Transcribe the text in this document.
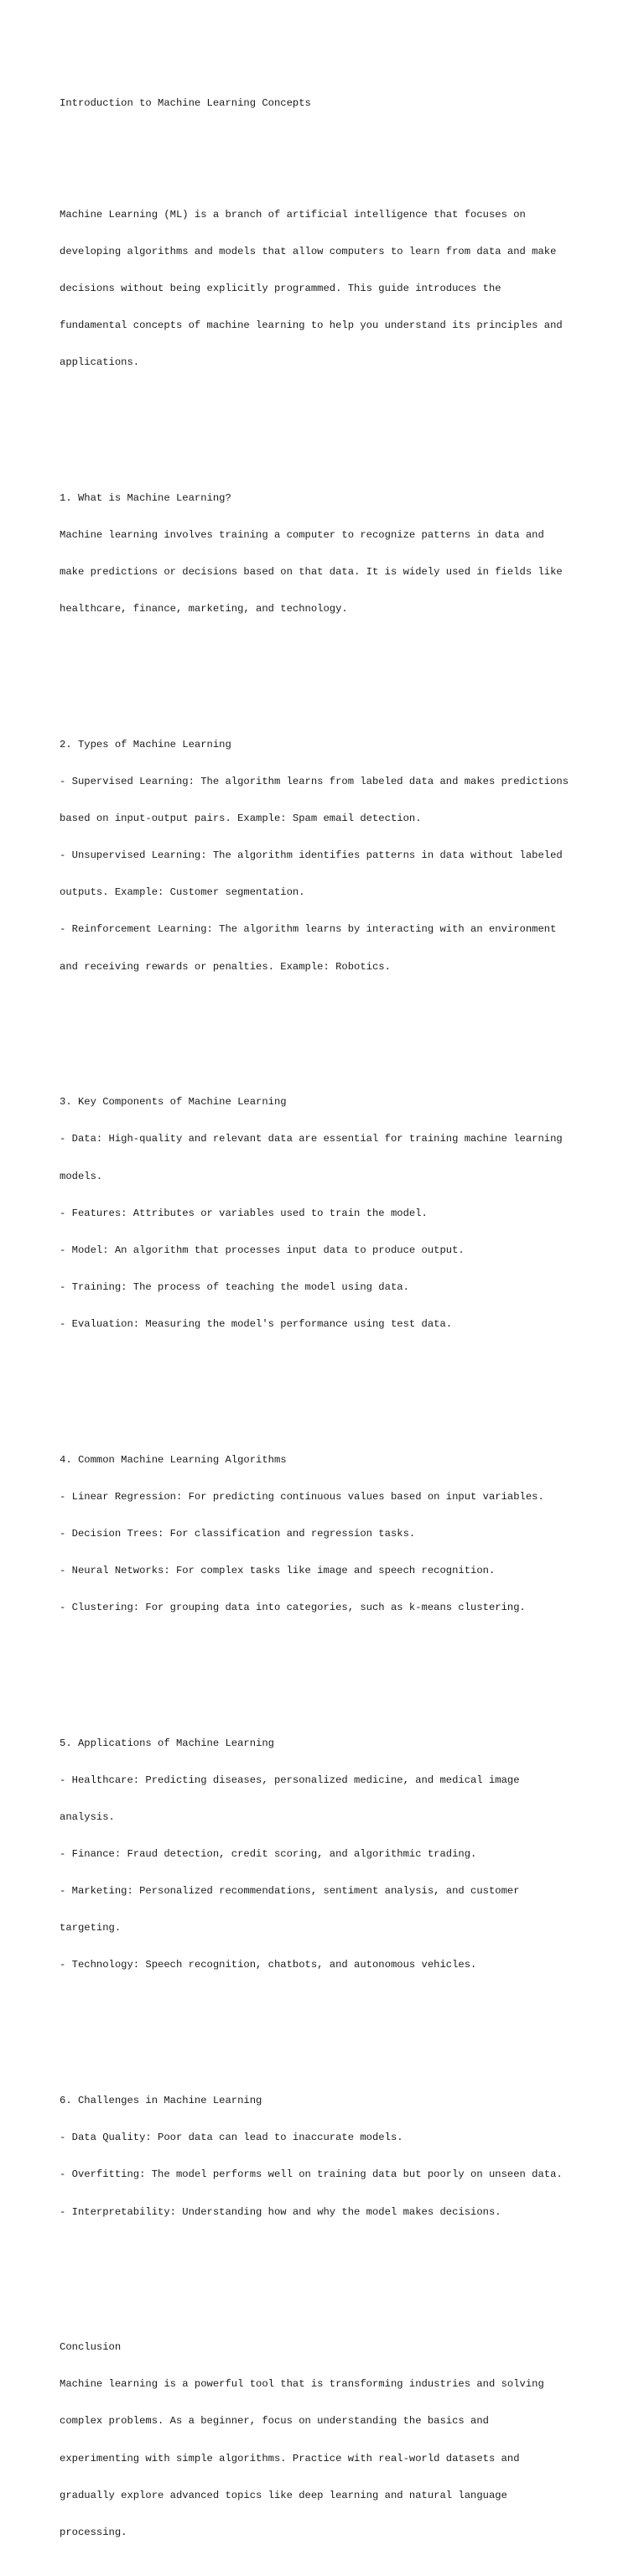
Introduction to Machine Learning Concepts

Machine Learning (ML) is a branch of artificial intelligence that focuses on

developing algorithms and models that allow computers to learn from data and make

decisions without being explicitly programmed. This guide introduces the

fundamental concepts of machine learning to help you understand its principles and

applications.

1. What is Machine Learning?

Machine learning involves training a computer to recognize patterns in data and

make predictions or decisions based on that data. It is widely used in fields like

healthcare, finance, marketing, and technology.

2. Types of Machine Learning

- Supervised Learning: The algorithm learns from labeled data and makes predictions

based on input-output pairs. Example: Spam email detection.

- Unsupervised Learning: The algorithm identifies patterns in data without labeled

outputs. Example: Customer segmentation.

- Reinforcement Learning: The algorithm learns by interacting with an environment

and receiving rewards or penalties. Example: Robotics.

3. Key Components of Machine Learning

- Data: High-quality and relevant data are essential for training machine learning

models.

- Features: Attributes or variables used to train the model.

- Model: An algorithm that processes input data to produce output.

- Training: The process of teaching the model using data.

- Evaluation: Measuring the model's performance using test data.

4. Common Machine Learning Algorithms

- Linear Regression: For predicting continuous values based on input variables.

- Decision Trees: For classification and regression tasks.

- Neural Networks: For complex tasks like image and speech recognition.

- Clustering: For grouping data into categories, such as k-means clustering.

5. Applications of Machine Learning

- Healthcare: Predicting diseases, personalized medicine, and medical image

analysis.

- Finance: Fraud detection, credit scoring, and algorithmic trading.

- Marketing: Personalized recommendations, sentiment analysis, and customer

targeting.

- Technology: Speech recognition, chatbots, and autonomous vehicles.

6. Challenges in Machine Learning

- Data Quality: Poor data can lead to inaccurate models.

- Overfitting: The model performs well on training data but poorly on unseen data.

- Interpretability: Understanding how and why the model makes decisions.

Conclusion

Machine learning is a powerful tool that is transforming industries and solving

complex problems. As a beginner, focus on understanding the basics and

experimenting with simple algorithms. Practice with real-world datasets and

gradually explore advanced topics like deep learning and natural language

processing.
